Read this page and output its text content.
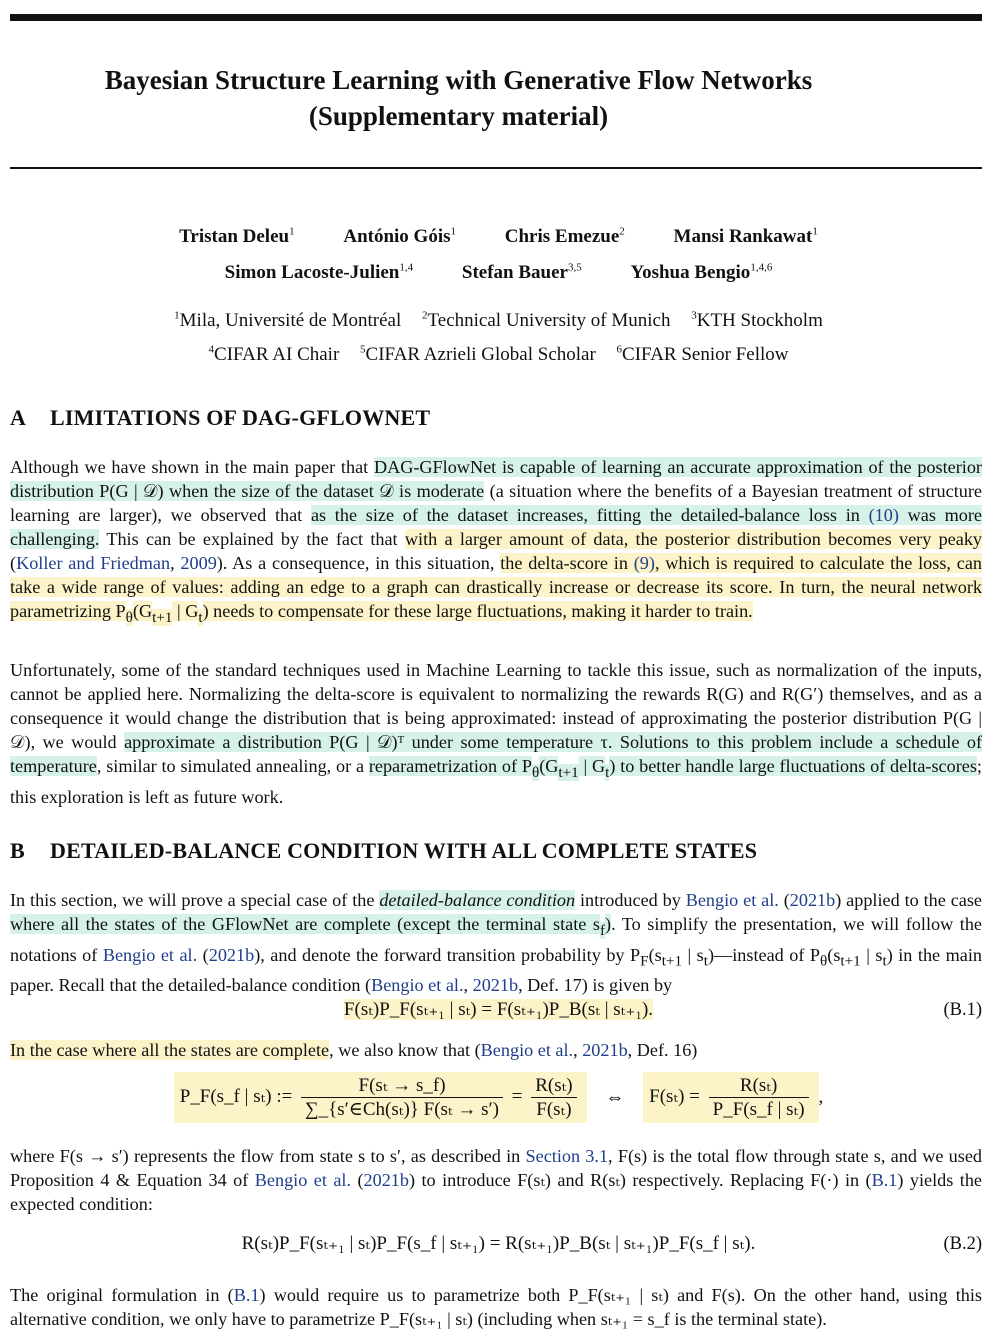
Bayesian Structure Learning with Generative Flow Networks
(Supplementary material)
Tristan Deleu$^1$	António Góis$^1$	Chris Emezue$^2$	Mansi Rankawat$^1$
Simon Lacoste-Julien$^{1,4}$	Stefan Bauer$^{3,5}$	Yoshua Bengio$^{1,4,6}$
$^1$Mila, Université de Montréal $^2$Technical University of Munich $^3$KTH Stockholm
$^4$CIFAR AI Chair $^5$CIFAR Azrieli Global Scholar $^6$CIFAR Senior Fellow
A LIMITATIONS OF DAG-GFLOWNET
Although we have shown in the main paper that DAG-GFlowNet is capable of learning an accurate approximation of the posterior distribution P(G | 𝒟) when the size of the dataset 𝒟 is moderate (a situation where the benefits of a Bayesian treatment of structure learning are larger), we observed that as the size of the dataset increases, fitting the detailed-balance loss in (10) was more challenging. This can be explained by the fact that with a larger amount of data, the posterior distribution becomes very peaky (Koller and Friedman, 2009). As a consequence, in this situation, the delta-score in (9), which is required to calculate the loss, can take a wide range of values: adding an edge to a graph can drastically increase or decrease its score. In turn, the neural network parametrizing $P_\theta(G_{t+1}$ | $G_t$) needs to compensate for these large fluctuations, making it harder to train.
Unfortunately, some of the standard techniques used in Machine Learning to tackle this issue, such as normalization of the inputs, cannot be applied here. Normalizing the delta-score is equivalent to normalizing the rewards R(G) and R(G′) themselves, and as a consequence it would change the distribution that is being approximated: instead of approximating the posterior distribution P(G | 𝒟), we would approximate a distribution P(G | 𝒟)ᵀ under some temperature τ. Solutions to this problem include a schedule of temperature, similar to simulated annealing, or a reparametrization of $P_\theta(G_{t+1}$ | $G_t$) to better handle large fluctuations of delta-scores; this exploration is left as future work.
B DETAILED-BALANCE CONDITION WITH ALL COMPLETE STATES
In this section, we will prove a special case of the detailed-balance condition introduced by Bengio et al. (2021b) applied to the case where all the states of the GFlowNet are complete (except the terminal state $s_f$). To simplify the presentation, we will follow the notations of Bengio et al. (2021b), and denote the forward transition probability by $P_F(s_{t+1}$ | $s_t)—instead$ of $P_\theta(s_{t+1}$ | $s_t$) in the main paper. Recall that the detailed-balance condition (Bengio et al., 2021b, Def. 17) is given by
F(sₜ)P_F(sₜ₊₁ | sₜ) = F(sₜ₊₁)P_B(sₜ | sₜ₊₁).	(B.1)
In the case where all the states are complete, we also know that (Bengio et al., 2021b, Def. 16)
P_F(s_f | sₜ) := $\frac{\text{F(sₜ → s\_f)}}{\text{∑\_\{s′∈Ch(sₜ)\} F(sₜ → s′)}} = \frac{\text{R(sₜ)}}{\text{F(sₜ)}}$ ⇔ $F(s_t) = \frac{\text{R(sₜ)}}{\text{P\_F(s\_f | sₜ)}}$ ,
where F(s → s′) represents the flow from state s to s′, as described in Section 3.1, F(s) is the total flow through state s, and we used Proposition 4 & Equation 34 of Bengio et al. (2021b) to introduce F(sₜ) and R(sₜ) respectively. Replacing F(·) in (B.1) yields the expected condition:
R(sₜ)P_F(sₜ₊₁ | sₜ)P_F(s_f | sₜ₊₁) = R(sₜ₊₁)P_B(sₜ | sₜ₊₁)P_F(s_f | sₜ).	(B.2)
The original formulation in (B.1) would require us to parametrize both P_F(sₜ₊₁ | sₜ) and F(s). On the other hand, using this alternative condition, we only have to parametrize P_F(sₜ₊₁ | sₜ) (including when sₜ₊₁ = s_f is the terminal state).
